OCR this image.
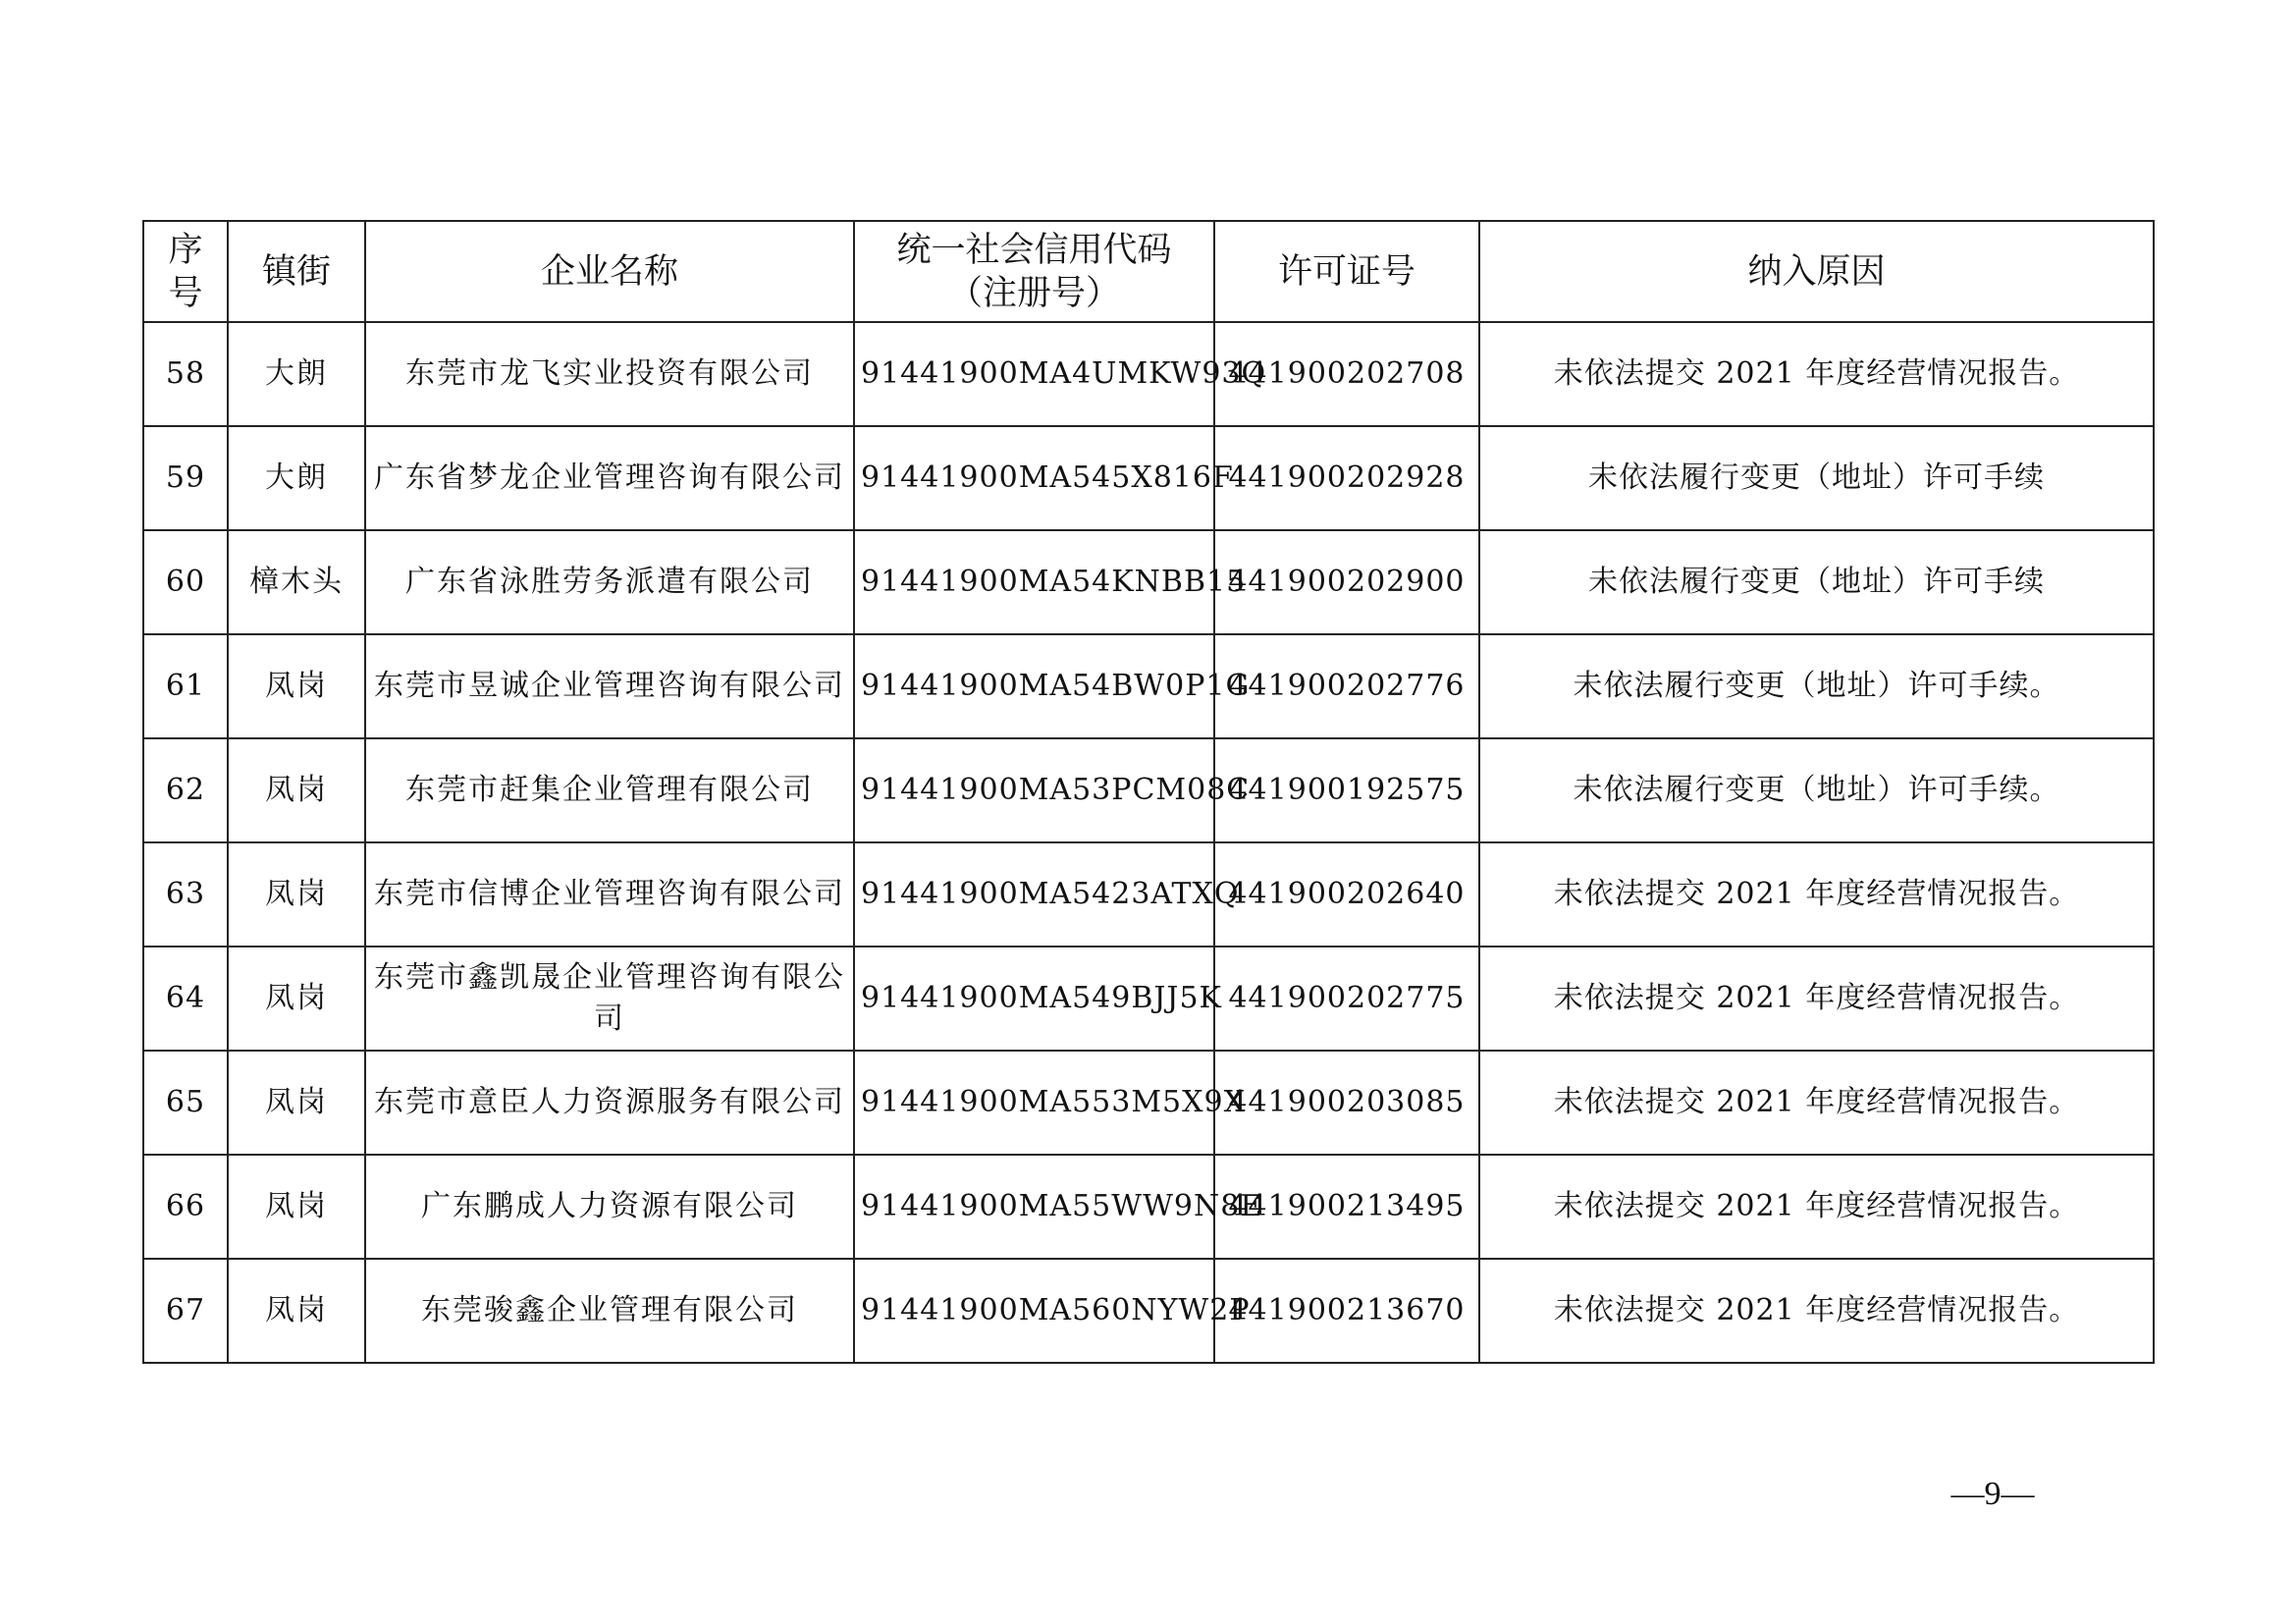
序号	镇街	企业名称	统一社会信用代码（注册号）	许可证号	纳入原因
58	大朗	东莞市龙飞实业投资有限公司	91441900MA4UMKW93Q	441900202708	未依法提交 2021 年度经营情况报告。
59	大朗	广东省梦龙企业管理咨询有限公司	91441900MA545X816F	441900202928	未依法履行变更（地址）许可手续
60	樟木头	广东省泳胜劳务派遣有限公司	91441900MA54KNBB15	441900202900	未依法履行变更（地址）许可手续
61	凤岗	东莞市昱诚企业管理咨询有限公司	91441900MA54BW0P1G	441900202776	未依法履行变更（地址）许可手续。
62	凤岗	东莞市赶集企业管理有限公司	91441900MA53PCM08C	441900192575	未依法履行变更（地址）许可手续。
63	凤岗	东莞市信博企业管理咨询有限公司	91441900MA5423ATXQ	441900202640	未依法提交 2021 年度经营情况报告。
64	凤岗	东莞市鑫凯晟企业管理咨询有限公司	91441900MA549BJJ5K	441900202775	未依法提交 2021 年度经营情况报告。
65	凤岗	东莞市意臣人力资源服务有限公司	91441900MA553M5X9X	441900203085	未依法提交 2021 年度经营情况报告。
66	凤岗	广东鹏成人力资源有限公司	91441900MA55WW9N8E	441900213495	未依法提交 2021 年度经营情况报告。
67	凤岗	东莞骏鑫企业管理有限公司	91441900MA560NYW2P	441900213670	未依法提交 2021 年度经营情况报告。
—9—
